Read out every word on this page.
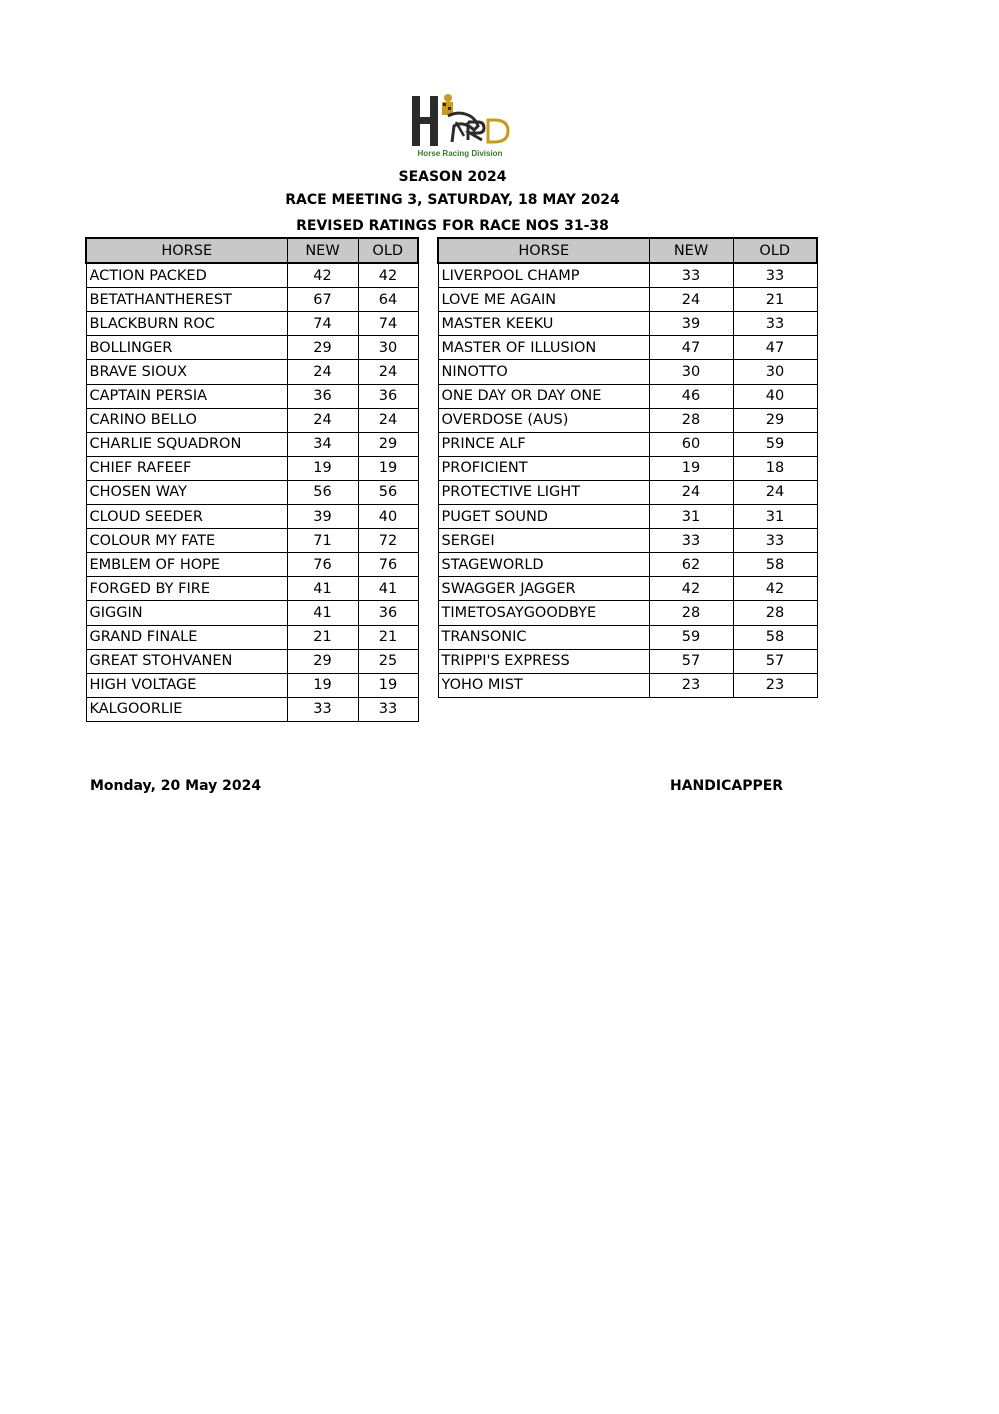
Horse Racing Division
SEASON 2024
RACE MEETING 3, SATURDAY, 18 MAY 2024
REVISED RATINGS FOR RACE NOS 31-38
HORSE	NEW	OLD
ACTION PACKED	42	42
BETATHANTHEREST	67	64
BLACKBURN ROC	74	74
BOLLINGER	29	30
BRAVE SIOUX	24	24
CAPTAIN PERSIA	36	36
CARINO BELLO	24	24
CHARLIE SQUADRON	34	29
CHIEF RAFEEF	19	19
CHOSEN WAY	56	56
CLOUD SEEDER	39	40
COLOUR MY FATE	71	72
EMBLEM OF HOPE	76	76
FORGED BY FIRE	41	41
GIGGIN	41	36
GRAND FINALE	21	21
GREAT STOHVANEN	29	25
HIGH VOLTAGE	19	19
KALGOORLIE	33	33
HORSE	NEW	OLD
LIVERPOOL CHAMP	33	33
LOVE ME AGAIN	24	21
MASTER KEEKU	39	33
MASTER OF ILLUSION	47	47
NINOTTO	30	30
ONE DAY OR DAY ONE	46	40
OVERDOSE (AUS)	28	29
PRINCE ALF	60	59
PROFICIENT	19	18
PROTECTIVE LIGHT	24	24
PUGET SOUND	31	31
SERGEI	33	33
STAGEWORLD	62	58
SWAGGER JAGGER	42	42
TIMETOSAYGOODBYE	28	28
TRANSONIC	59	58
TRIPPI'S EXPRESS	57	57
YOHO MIST	23	23
Monday, 20 May 2024	HANDICAPPER
